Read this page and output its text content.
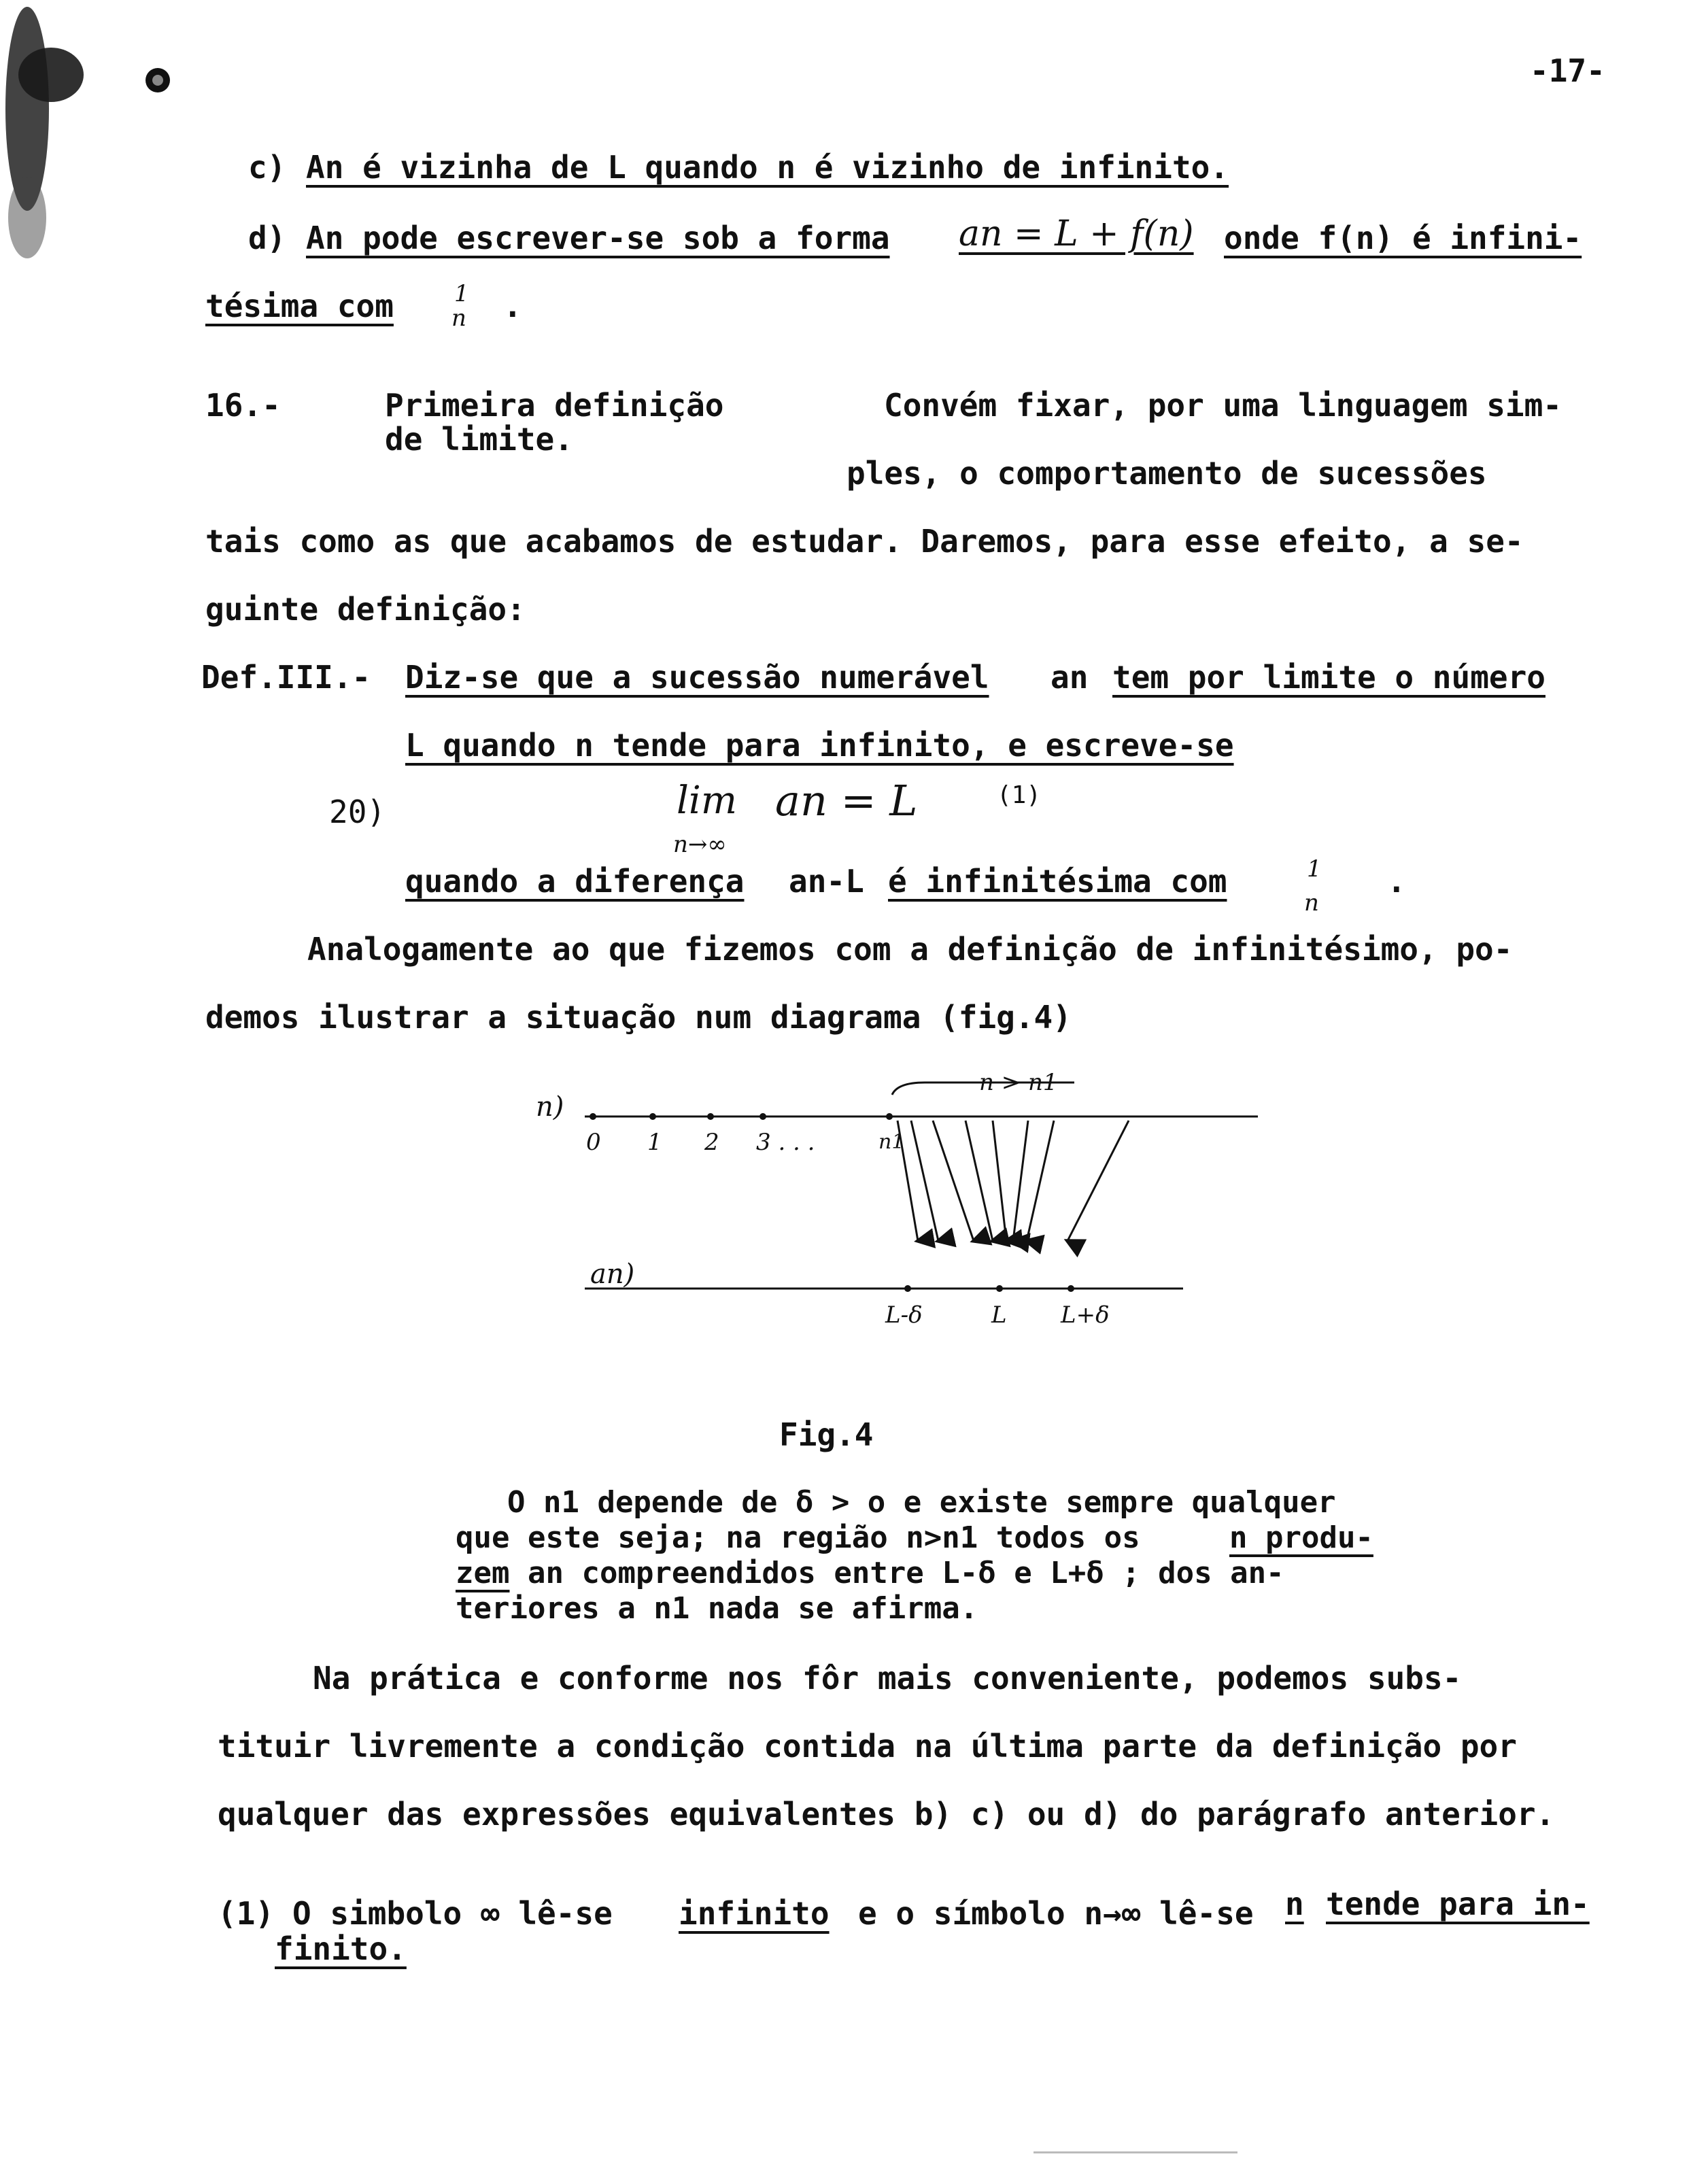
-17-
c) An é vizinha de L quando n é vizinho de infinito.
d) An pode escrever-se sob a forma an = L + f(n) onde f(n) é infini-
tésima com	1
n .
16.-	Primeira definição
de limite.
Convém fixar, por uma linguagem sim-
ples, o comportamento de sucessões
tais como as que acabamos de estudar. Daremos, para esse efeito, a se-
guinte definição:
Def.III.- Diz-se que a sucessão numerável an tem por limite o número
L quando n tende para infinito, e escreve-se
20)	lim
n→∞
an = L	(1)
quando a diferença an-L é infinitésima com	1
n
.
Analogamente ao que fizemos com a definição de infinitésimo, po-
demos ilustrar a situação num diagrama (fig.4)
n)
n > n1
0 1 2 3 . . .	n1
an)
L-δ	L L+δ
Fig.4
O n1 depende de δ > o e existe sempre qualquer
que este seja; na região n>n1 todos os	n produ-
zem an compreendidos entre L-δ e L+δ ; dos an-
teriores a n1 nada se afirma.
Na prática e conforme nos fôr mais conveniente, podemos subs-
tituir livremente a condição contida na última parte da definição por
qualquer das expressões equivalentes b) c) ou d) do parágrafo anterior.
(1) O simbolo ∞ lê-se infinito e o símbolo n→∞ lê-se n tende para in-
finito.
